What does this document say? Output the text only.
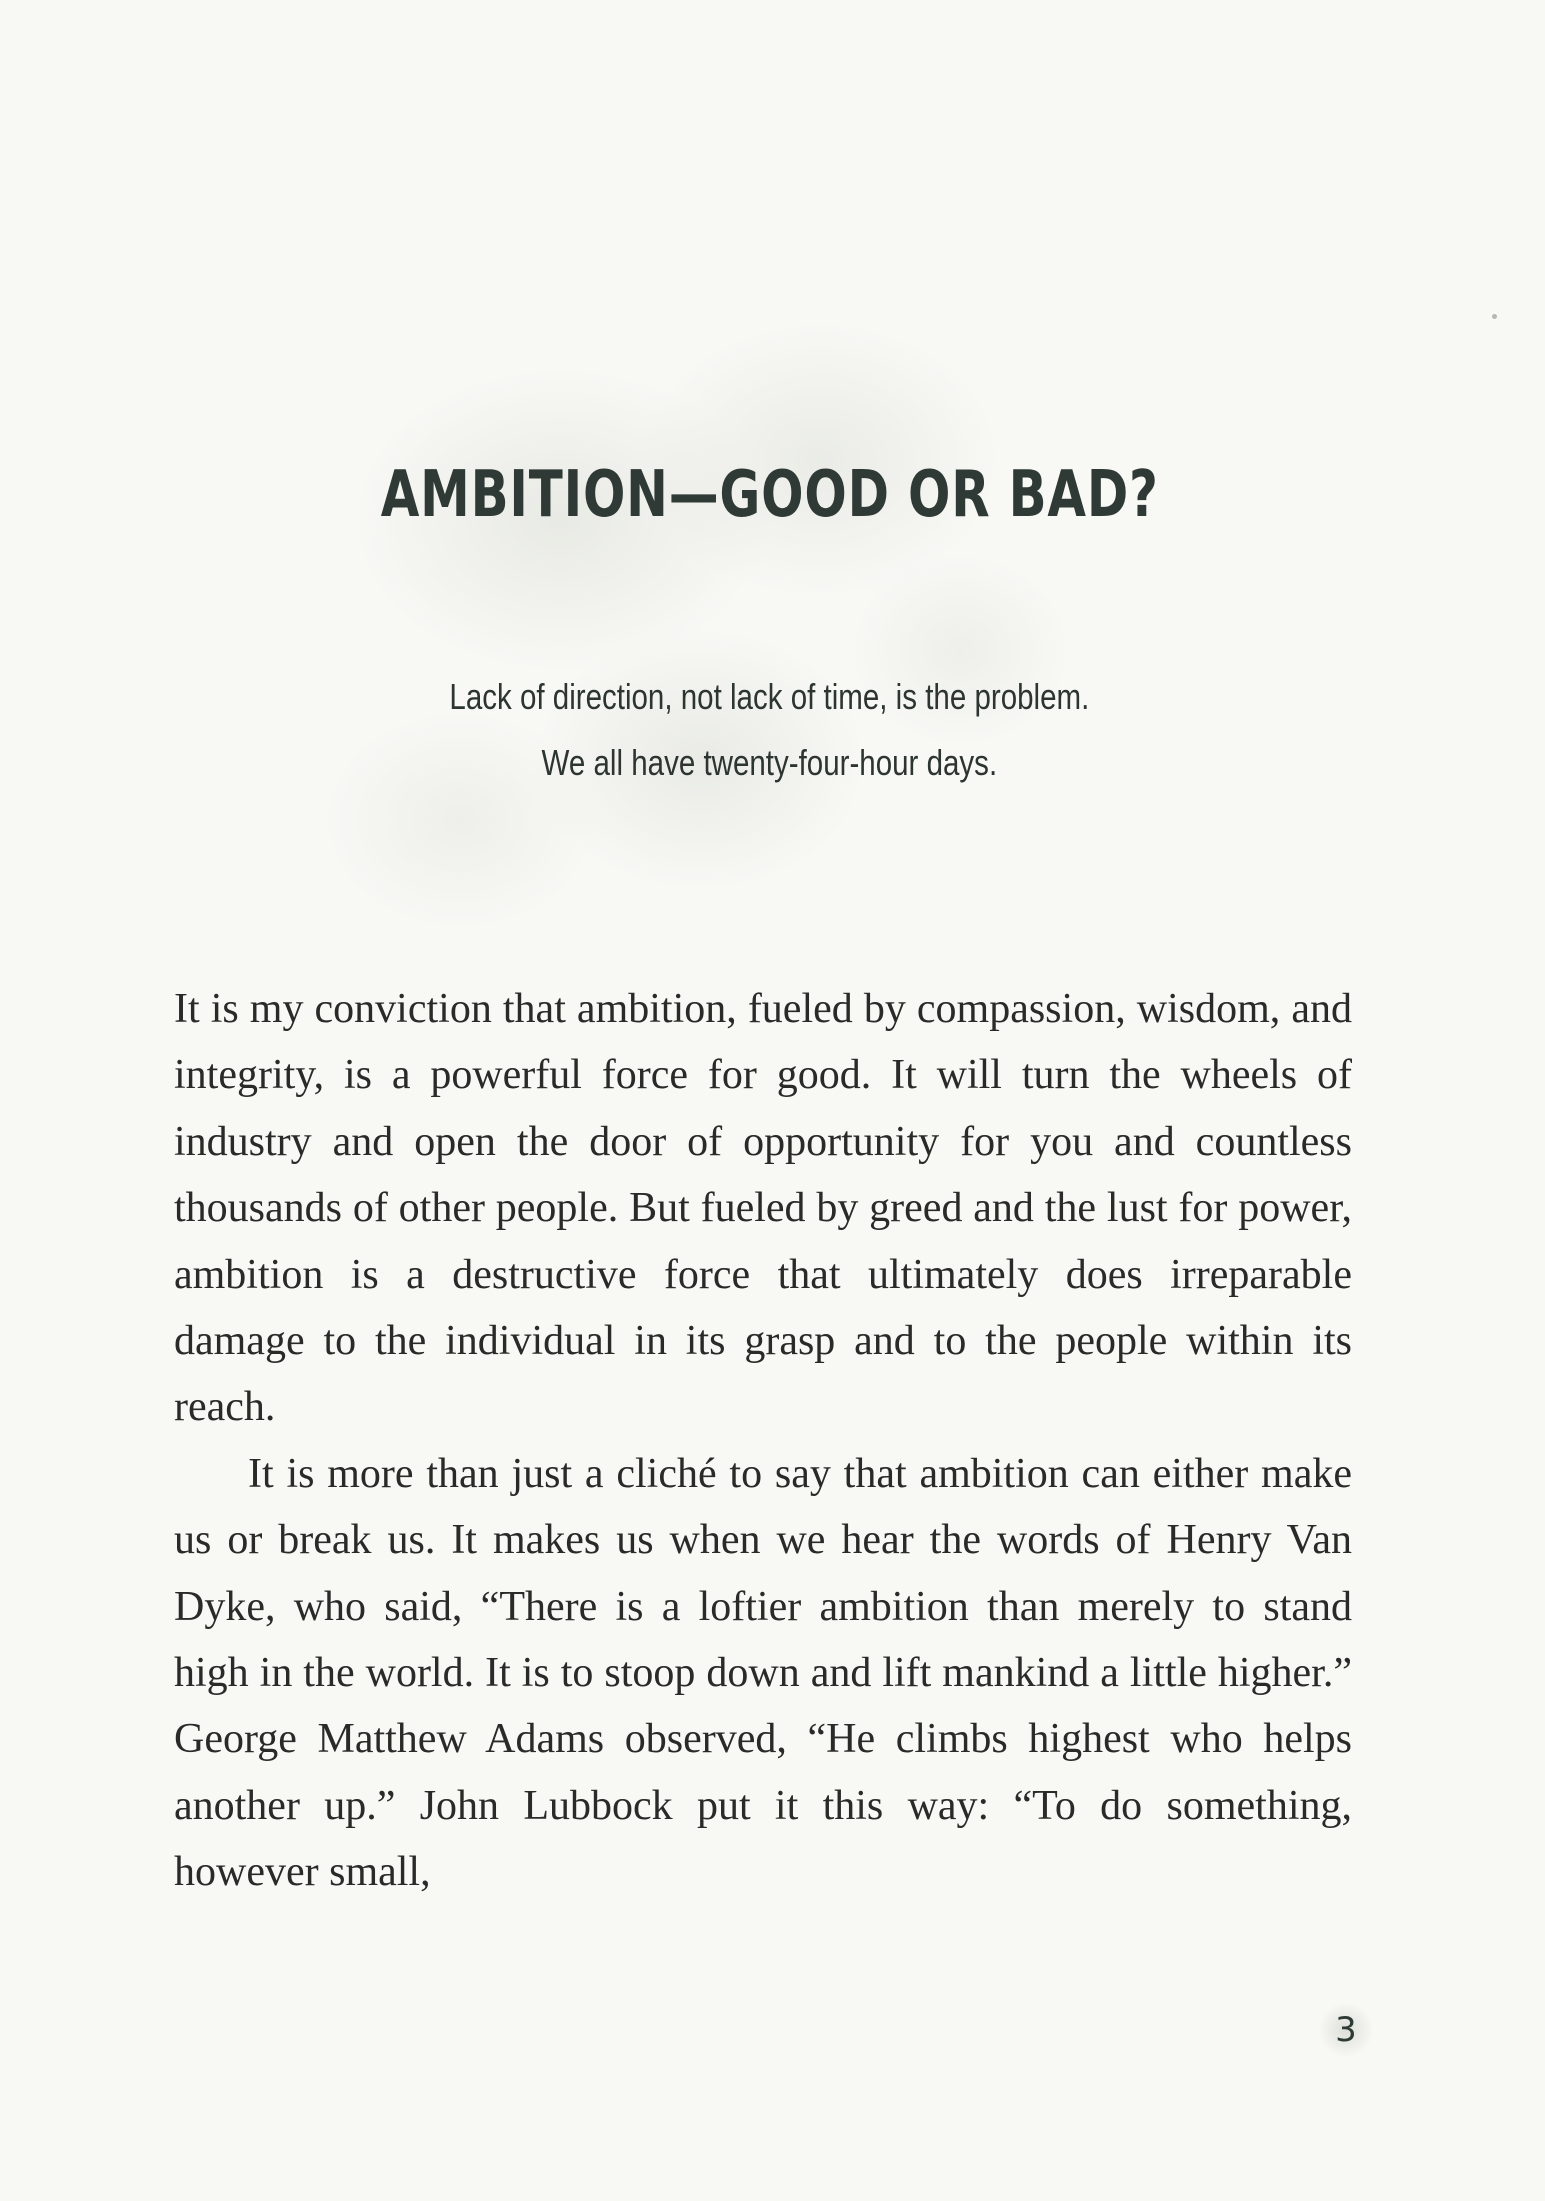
AMBITION—GOOD OR BAD?
Lack of direction, not lack of time, is the problem.
We all have twenty-four-hour days.

It is my conviction that ambition, fueled by compassion, wisdom, and integrity, is a powerful force for good. It will turn the wheels of industry and open the door of opportunity for you and countless thousands of other people. But fueled by greed and the lust for power, ambition is a destructive force that ultimately does irreparable damage to the individual in its grasp and to the people within its reach.

It is more than just a cliché to say that ambition can either make us or break us. It makes us when we hear the words of Henry Van Dyke, who said, “There is a loftier ambition than merely to stand high in the world. It is to stoop down and lift mankind a little higher.” George Matthew Adams observed, “He climbs highest who helps another up.” John Lubbock put it this way: “To do something, however small,

3
